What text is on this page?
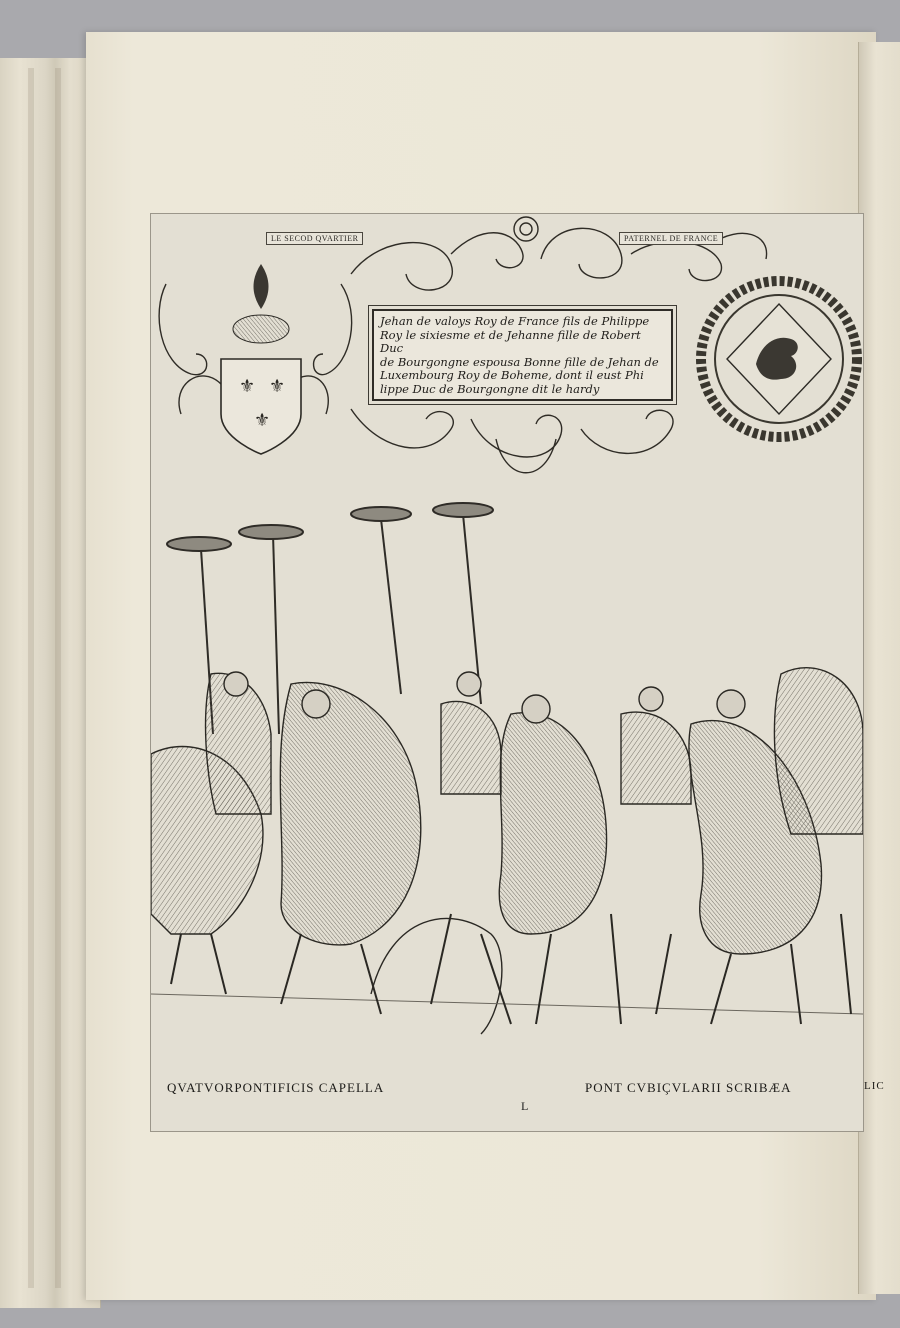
⚜ ⚜
⚜
LE SECOD QVARTIER	PATERNEL DE FRANCE
Jehan de valoys Roy de France fils de Philippe
Roy le sixiesme et de Jehanne fille de Robert Duc
de Bourgongne espousa Bonne fille de Jehan de
Luxembourg Roy de Boheme, dont il eust Phi
lippe Duc de Bourgongne dit le hardy
QVATVORPONTIFICIS CAPELLA	PONT CVBIÇVLARII SCRIBÆA
L
LIC
